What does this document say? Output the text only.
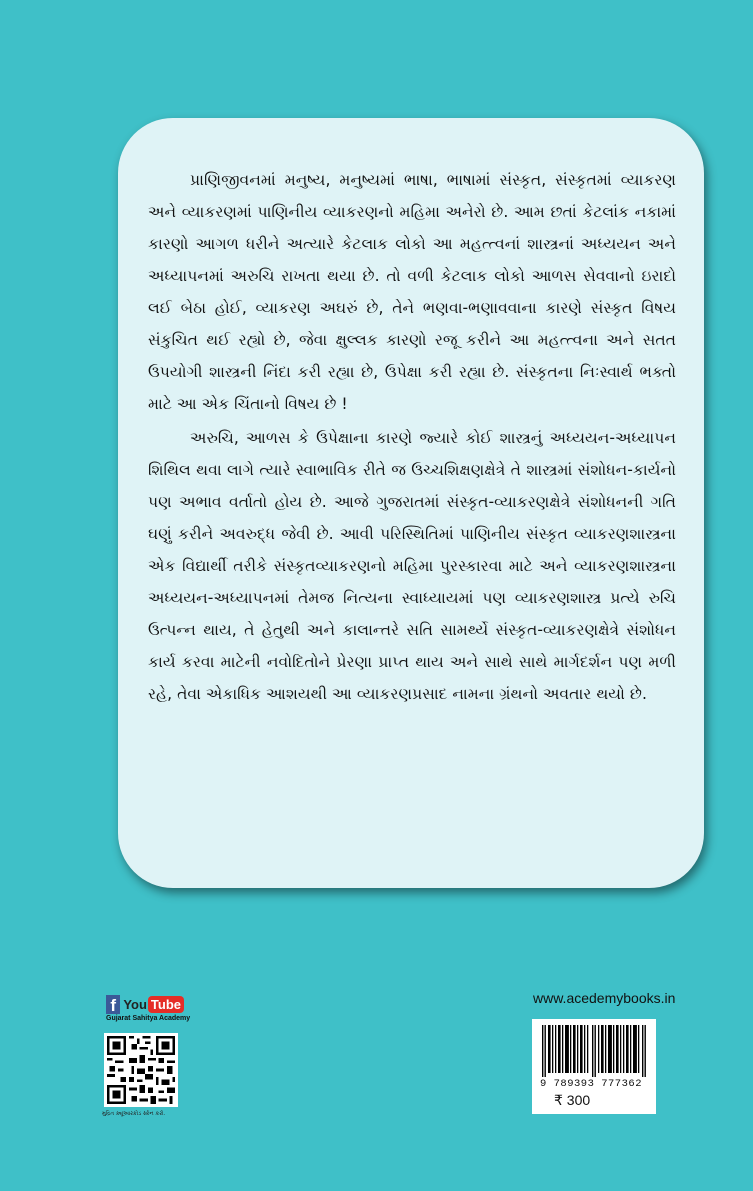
પ્રાણિજીવનમાં મનુષ્ય, મનુષ્યમાં ભાષા, ભાષામાં સંસ્કૃત, સંસ્કૃતમાં વ્યાકરણ અને વ્યાકરણમાં પાણિનીય વ્યાકરણનો મહિમા અનેરો છે. આમ છતાં કેટલાંક નકામાં કારણો આગળ ધરીને અત્યારે કેટલાક લોકો આ મહત્ત્વનાં શાસ્ત્રનાં અધ્યયન અને અધ્યાપનમાં અરુચિ રાખતા થયા છે. તો વળી કેટલાક લોકો આળસ સેવવાનો ઇરાદો લઈ બેઠા હોઈ, વ્યાકરણ અઘરું છે, તેને ભણવા-ભણાવવાના કારણે સંસ્કૃત વિષય સંકુચિત થઈ રહ્યો છે, જેવા ક્ષુલ્લક કારણો રજૂ કરીને આ મહત્ત્વના અને સતત ઉપયોગી શાસ્ત્રની નિંદા કરી રહ્યા છે, ઉપેક્ષા કરી રહ્યા છે. સંસ્કૃતના નિઃસ્વાર્થ ભક્તો માટે આ એક ચિંતાનો વિષય છે !

અરુચિ, આળસ કે ઉપેક્ષાના કારણે જ્યારે કોઈ શાસ્ત્રનું અધ્યયન-અધ્યાપન શિથિલ થવા લાગે ત્યારે સ્વાભાવિક રીતે જ ઉચ્ચશિક્ષણક્ષેત્રે તે શાસ્ત્રમાં સંશોધન-કાર્યનો પણ અભાવ વર્તાતો હોય છે. આજે ગુજરાતમાં સંસ્કૃત-વ્યાકરણક્ષેત્રે સંશોધનની ગતિ ઘણું કરીને અવરુદ્ધ જેવી છે. આવી પરિસ્થિતિમાં પાણિનીય સંસ્કૃત વ્યાકરણશાસ્ત્રના એક વિદ્યાર્થી તરીકે સંસ્કૃતવ્યાકરણનો મહિમા પુરસ્કારવા માટે અને વ્યાકરણશાસ્ત્રના અધ્યયન-અધ્યાપનમાં તેમજ નિત્યના સ્વાધ્યાયમાં પણ વ્યાકરણશાસ્ત્ર પ્રત્યે રુચિ ઉત્પન્ન થાય, તે હેતુથી અને કાલાન્તરે સતિ સામર્થ્યે સંસ્કૃત-વ્યાકરણક્ષેત્રે સંશોધન કાર્ય કરવા માટેની નવોદિતોને પ્રેરણા પ્રાપ્ત થાય અને સાથે સાથે માર્ગદર્શન પણ મળી રહે, તેવા એકાધિક આશયથી આ વ્યાકરણપ્રસાદ નામના ગ્રંથનો અવતાર થયો છે.

f You Tube
Gujarat Sahitya Academy
મુદ્રિત ક્યૂઆરકોડ સ્કેન કરો.
www.acedemybooks.in
9 789393 777362
₹ 300
